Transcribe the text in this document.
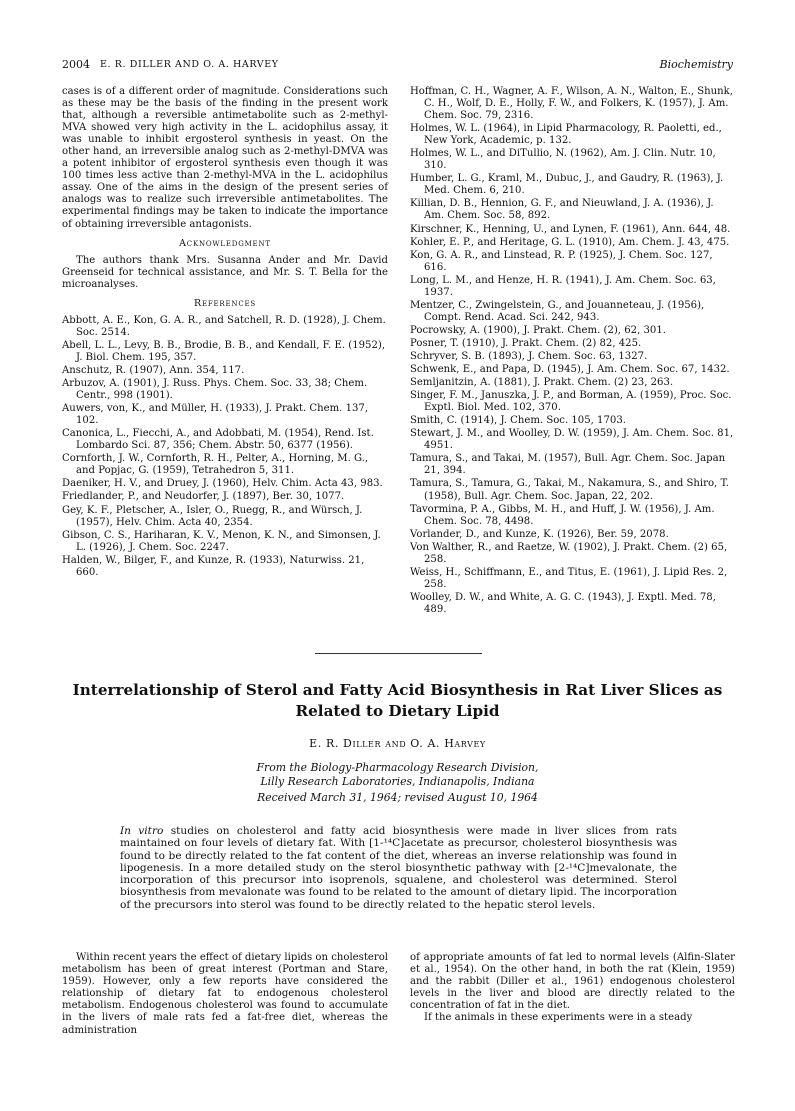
2004 E. R. DILLER AND O. A. HARVEY	Biochemistry

cases is of a different order of magnitude. Considerations such as these may be the basis of the finding in the present work that, although a reversible antimetabolite such as 2-methyl-MVA showed very high activity in the L. acidophilus assay, it was unable to inhibit ergosterol synthesis in yeast. On the other hand, an irreversible analog such as 2-methyl-DMVA was a potent inhibitor of ergosterol synthesis even though it was 100 times less active than 2-methyl-MVA in the L. acidophilus assay. One of the aims in the design of the present series of analogs was to realize such irreversible antimetabolites. The experimental findings may be taken to indicate the importance of obtaining irreversible antagonists.

Acknowledgment

The authors thank Mrs. Susanna Ander and Mr. David Greenseid for technical assistance, and Mr. S. T. Bella for the microanalyses.

References

Abbott, A. E., Kon, G. A. R., and Satchell, R. D. (1928), J. Chem. Soc. 2514.

Abell, L. L., Levy, B. B., Brodie, B. B., and Kendall, F. E. (1952), J. Biol. Chem. 195, 357.

Anschutz, R. (1907), Ann. 354, 117.

Arbuzov, A. (1901), J. Russ. Phys. Chem. Soc. 33, 38; Chem. Centr., 998 (1901).

Auwers, von, K., and Müller, H. (1933), J. Prakt. Chem. 137, 102.

Canonica, L., Fiecchi, A., and Adobbati, M. (1954), Rend. Ist. Lombardo Sci. 87, 356; Chem. Abstr. 50, 6377 (1956).

Cornforth, J. W., Cornforth, R. H., Pelter, A., Horning, M. G., and Popjac, G. (1959), Tetrahedron 5, 311.

Daeniker, H. V., and Druey, J. (1960), Helv. Chim. Acta 43, 983.

Friedlander, P., and Neudorfer, J. (1897), Ber. 30, 1077.

Gey, K. F., Pletscher, A., Isler, O., Ruegg, R., and Würsch, J. (1957), Helv. Chim. Acta 40, 2354.

Gibson, C. S., Hariharan, K. V., Menon, K. N., and Simonsen, J. L. (1926), J. Chem. Soc. 2247.

Halden, W., Bilger, F., and Kunze, R. (1933), Naturwiss. 21, 660.

Hoffman, C. H., Wagner, A. F., Wilson, A. N., Walton, E., Shunk, C. H., Wolf, D. E., Holly, F. W., and Folkers, K. (1957), J. Am. Chem. Soc. 79, 2316.

Holmes, W. L. (1964), in Lipid Pharmacology, R. Paoletti, ed., New York, Academic, p. 132.

Holmes, W. L., and DiTullio, N. (1962), Am. J. Clin. Nutr. 10, 310.

Humber, L. G., Kraml, M., Dubuc, J., and Gaudry, R. (1963), J. Med. Chem. 6, 210.

Killian, D. B., Hennion, G. F., and Nieuwland, J. A. (1936), J. Am. Chem. Soc. 58, 892.

Kirschner, K., Henning, U., and Lynen, F. (1961), Ann. 644, 48.

Kohler, E. P., and Heritage, G. L. (1910), Am. Chem. J. 43, 475.

Kon, G. A. R., and Linstead, R. P. (1925), J. Chem. Soc. 127, 616.

Long, L. M., and Henze, H. R. (1941), J. Am. Chem. Soc. 63, 1937.

Mentzer, C., Zwingelstein, G., and Jouanneteau, J. (1956), Compt. Rend. Acad. Sci. 242, 943.

Pocrowsky, A. (1900), J. Prakt. Chem. (2), 62, 301.

Posner, T. (1910), J. Prakt. Chem. (2) 82, 425.

Schryver, S. B. (1893), J. Chem. Soc. 63, 1327.

Schwenk, E., and Papa, D. (1945), J. Am. Chem. Soc. 67, 1432.

Semljanitzin, A. (1881), J. Prakt. Chem. (2) 23, 263.

Singer, F. M., Januszka, J. P., and Borman, A. (1959), Proc. Soc. Exptl. Biol. Med. 102, 370.

Smith, C. (1914), J. Chem. Soc. 105, 1703.

Stewart, J. M., and Woolley, D. W. (1959), J. Am. Chem. Soc. 81, 4951.

Tamura, S., and Takai, M. (1957), Bull. Agr. Chem. Soc. Japan 21, 394.

Tamura, S., Tamura, G., Takai, M., Nakamura, S., and Shiro, T. (1958), Bull. Agr. Chem. Soc. Japan, 22, 202.

Tavormina, P. A., Gibbs, M. H., and Huff, J. W. (1956), J. Am. Chem. Soc. 78, 4498.

Vorlander, D., and Kunze, K. (1926), Ber. 59, 2078.

Von Walther, R., and Raetze, W. (1902), J. Prakt. Chem. (2) 65, 258.

Weiss, H., Schiffmann, E., and Titus, E. (1961), J. Lipid Res. 2, 258.

Woolley, D. W., and White, A. G. C. (1943), J. Exptl. Med. 78, 489.

Interrelationship of Sterol and Fatty Acid Biosynthesis in Rat Liver Slices as
Related to Dietary Lipid
E. R. Diller and O. A. Harvey
From the Biology-Pharmacology Research Division,
Lilly Research Laboratories, Indianapolis, Indiana
Received March 31, 1964; revised August 10, 1964
In vitro studies on cholesterol and fatty acid biosynthesis were made in liver slices from rats maintained on four levels of dietary fat. With [1-¹⁴C]acetate as precursor, cholesterol biosynthesis was found to be directly related to the fat content of the diet, whereas an inverse relationship was found in lipogenesis. In a more detailed study on the sterol biosynthetic pathway with [2-¹⁴C]mevalonate, the incorporation of this precursor into isoprenols, squalene, and cholesterol was determined. Sterol biosynthesis from mevalonate was found to be related to the amount of dietary lipid. The incorporation of the precursors into sterol was found to be directly related to the hepatic sterol levels.
Within recent years the effect of dietary lipids on cholesterol metabolism has been of great interest (Portman and Stare, 1959). However, only a few reports have considered the relationship of dietary fat to endogenous cholesterol metabolism. Endogenous cholesterol was found to accumulate in the livers of male rats fed a fat-free diet, whereas the administration

of appropriate amounts of fat led to normal levels (Alfin-Slater et al., 1954). On the other hand, in both the rat (Klein, 1959) and the rabbit (Diller et al., 1961) endogenous cholesterol levels in the liver and blood are directly related to the concentration of fat in the diet.

If the animals in these experiments were in a steady
